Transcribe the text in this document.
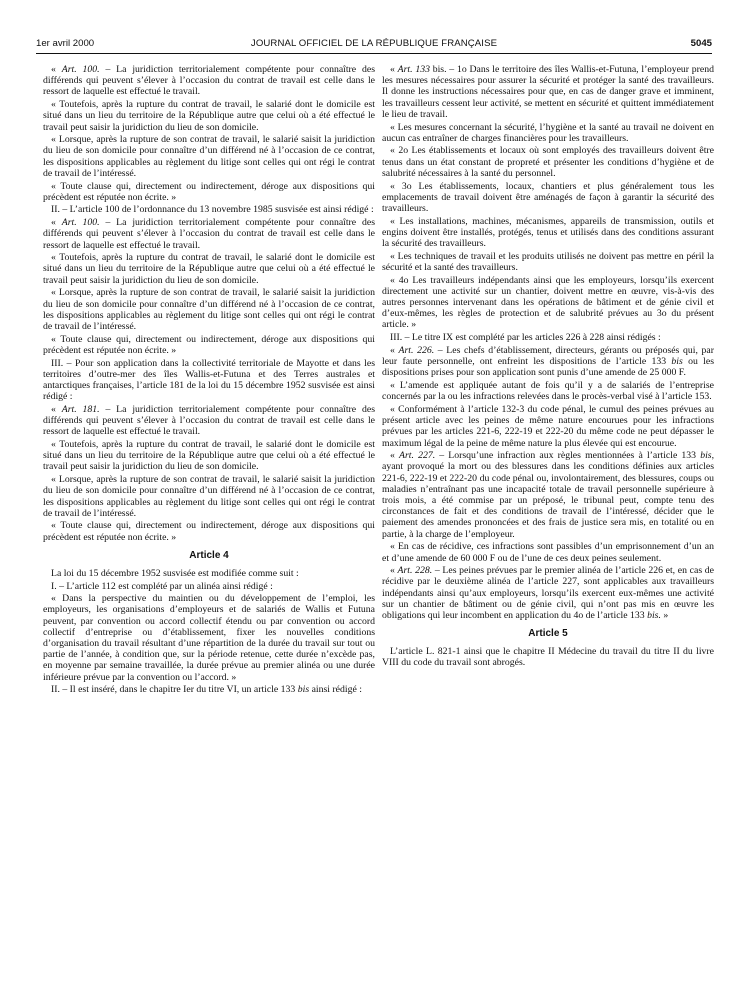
1er avril 2000	JOURNAL OFFICIEL DE LA RÉPUBLIQUE FRANÇAISE	5045

« Art. 100. – La juridiction territorialement compétente pour connaître des différends qui peuvent s’élever à l’occasion du contrat de travail est celle dans le ressort de laquelle est effectué le travail.

« Toutefois, après la rupture du contrat de travail, le salarié dont le domicile est situé dans un lieu du territoire de la République autre que celui où a été effectué le travail peut saisir la juridiction du lieu de son domicile.

« Lorsque, après la rupture de son contrat de travail, le salarié saisit la juridiction du lieu de son domicile pour connaître d’un différend né à l’occasion de ce contrat, les dispositions applicables au règlement du litige sont celles qui ont régi le contrat de travail de l’intéressé.

« Toute clause qui, directement ou indirectement, déroge aux dispositions qui précèdent est réputée non écrite. »

II. – L’article 100 de l’ordonnance du 13 novembre 1985 susvisée est ainsi rédigé :

« Art. 100. – La juridiction territorialement compétente pour connaître des différends qui peuvent s’élever à l’occasion du contrat de travail est celle dans le ressort de laquelle est effectué le travail.

« Toutefois, après la rupture du contrat de travail, le salarié dont le domicile est situé dans un lieu du territoire de la République autre que celui où a été effectué le travail peut saisir la juridiction du lieu de son domicile.

« Lorsque, après la rupture de son contrat de travail, le salarié saisit la juridiction du lieu de son domicile pour connaître d’un différend né à l’occasion de ce contrat, les dispositions applicables au règlement du litige sont celles qui ont régi le contrat de travail de l’intéressé.

« Toute clause qui, directement ou indirectement, déroge aux dispositions qui précèdent est réputée non écrite. »

III. – Pour son application dans la collectivité territoriale de Mayotte et dans les territoires d’outre-mer des îles Wallis-et-Futuna et des Terres australes et antarctiques françaises, l’article 181 de la loi du 15 décembre 1952 susvisée est ainsi rédigé :

« Art. 181. – La juridiction territorialement compétente pour connaître des différends qui peuvent s’élever à l’occasion du contrat de travail est celle dans le ressort de laquelle est effectué le travail.

« Toutefois, après la rupture du contrat de travail, le salarié dont le domicile est situé dans un lieu du territoire de la République autre que celui où a été effectué le travail peut saisir la juridiction du lieu de son domicile.

« Lorsque, après la rupture de son contrat de travail, le salarié saisit la juridiction du lieu de son domicile pour connaître d’un différend né à l’occasion de ce contrat, les dispositions applicables au règlement du litige sont celles qui ont régi le contrat de travail de l’intéressé.

« Toute clause qui, directement ou indirectement, déroge aux dispositions qui précèdent est réputée non écrite. »

Article 4

La loi du 15 décembre 1952 susvisée est modifiée comme suit :

I. – L’article 112 est complété par un alinéa ainsi rédigé :

« Dans la perspective du maintien ou du développement de l’emploi, les employeurs, les organisations d’employeurs et de salariés de Wallis et Futuna peuvent, par convention ou accord collectif étendu ou par convention ou accord collectif d’entreprise ou d’établissement, fixer les nouvelles conditions d’organisation du travail résultant d’une répartition de la durée du travail sur tout ou partie de l’année, à condition que, sur la période retenue, cette durée n’excède pas, en moyenne par semaine travaillée, la durée prévue au premier alinéa ou une durée inférieure prévue par la convention ou l’accord. »

II. – Il est inséré, dans le chapitre Ier du titre VI, un article 133 bis ainsi rédigé :

« Art. 133 bis. – 1o Dans le territoire des îles Wallis-et-Futuna, l’employeur prend les mesures nécessaires pour assurer la sécurité et protéger la santé des travailleurs. Il donne les instructions nécessaires pour que, en cas de danger grave et imminent, les travailleurs cessent leur activité, se mettent en sécurité et quittent immédiatement le lieu de travail.

« Les mesures concernant la sécurité, l’hygiène et la santé au travail ne doivent en aucun cas entraîner de charges financières pour les travailleurs.

« 2o Les établissements et locaux où sont employés des travailleurs doivent être tenus dans un état constant de propreté et présenter les conditions d’hygiène et de salubrité nécessaires à la santé du personnel.

« 3o Les établissements, locaux, chantiers et plus généralement tous les emplacements de travail doivent être aménagés de façon à garantir la sécurité des travailleurs.

« Les installations, machines, mécanismes, appareils de transmission, outils et engins doivent être installés, protégés, tenus et utilisés dans des conditions assurant la sécurité des travailleurs.

« Les techniques de travail et les produits utilisés ne doivent pas mettre en péril la sécurité et la santé des travailleurs.

« 4o Les travailleurs indépendants ainsi que les employeurs, lorsqu’ils exercent directement une activité sur un chantier, doivent mettre en œuvre, vis-à-vis des autres personnes intervenant dans les opérations de bâtiment et de génie civil et d’eux-mêmes, les règles de protection et de salubrité prévues au 3o du présent article. »

III. – Le titre IX est complété par les articles 226 à 228 ainsi rédigés :

« Art. 226. – Les chefs d’établissement, directeurs, gérants ou préposés qui, par leur faute personnelle, ont enfreint les dispositions de l’article 133 bis ou les dispositions prises pour son application sont punis d’une amende de 25 000 F.

« L’amende est appliquée autant de fois qu’il y a de salariés de l’entreprise concernés par la ou les infractions relevées dans le procès-verbal visé à l’article 153.

« Conformément à l’article 132-3 du code pénal, le cumul des peines prévues au présent article avec les peines de même nature encourues pour les infractions prévues par les articles 221-6, 222-19 et 222-20 du même code ne peut dépasser le maximum légal de la peine de même nature la plus élevée qui est encourue.

« Art. 227. – Lorsqu’une infraction aux règles mentionnées à l’article 133 bis, ayant provoqué la mort ou des blessures dans les conditions définies aux articles 221-6, 222-19 et 222-20 du code pénal ou, involontairement, des blessures, coups ou maladies n’entraînant pas une incapacité totale de travail personnelle supérieure à trois mois, a été commise par un préposé, le tribunal peut, compte tenu des circonstances de fait et des conditions de travail de l’intéressé, décider que le paiement des amendes prononcées et des frais de justice sera mis, en totalité ou en partie, à la charge de l’employeur.

« En cas de récidive, ces infractions sont passibles d’un emprisonnement d’un an et d’une amende de 60 000 F ou de l’une de ces deux peines seulement.

« Art. 228. – Les peines prévues par le premier alinéa de l’article 226 et, en cas de récidive par le deuxième alinéa de l’article 227, sont applicables aux travailleurs indépendants ainsi qu’aux employeurs, lorsqu’ils exercent eux-mêmes une activité sur un chantier de bâtiment ou de génie civil, qui n’ont pas mis en œuvre les obligations qui leur incombent en application du 4o de l’article 133 bis. »

Article 5

L’article L. 821-1 ainsi que le chapitre II Médecine du travail du titre II du livre VIII du code du travail sont abrogés.
